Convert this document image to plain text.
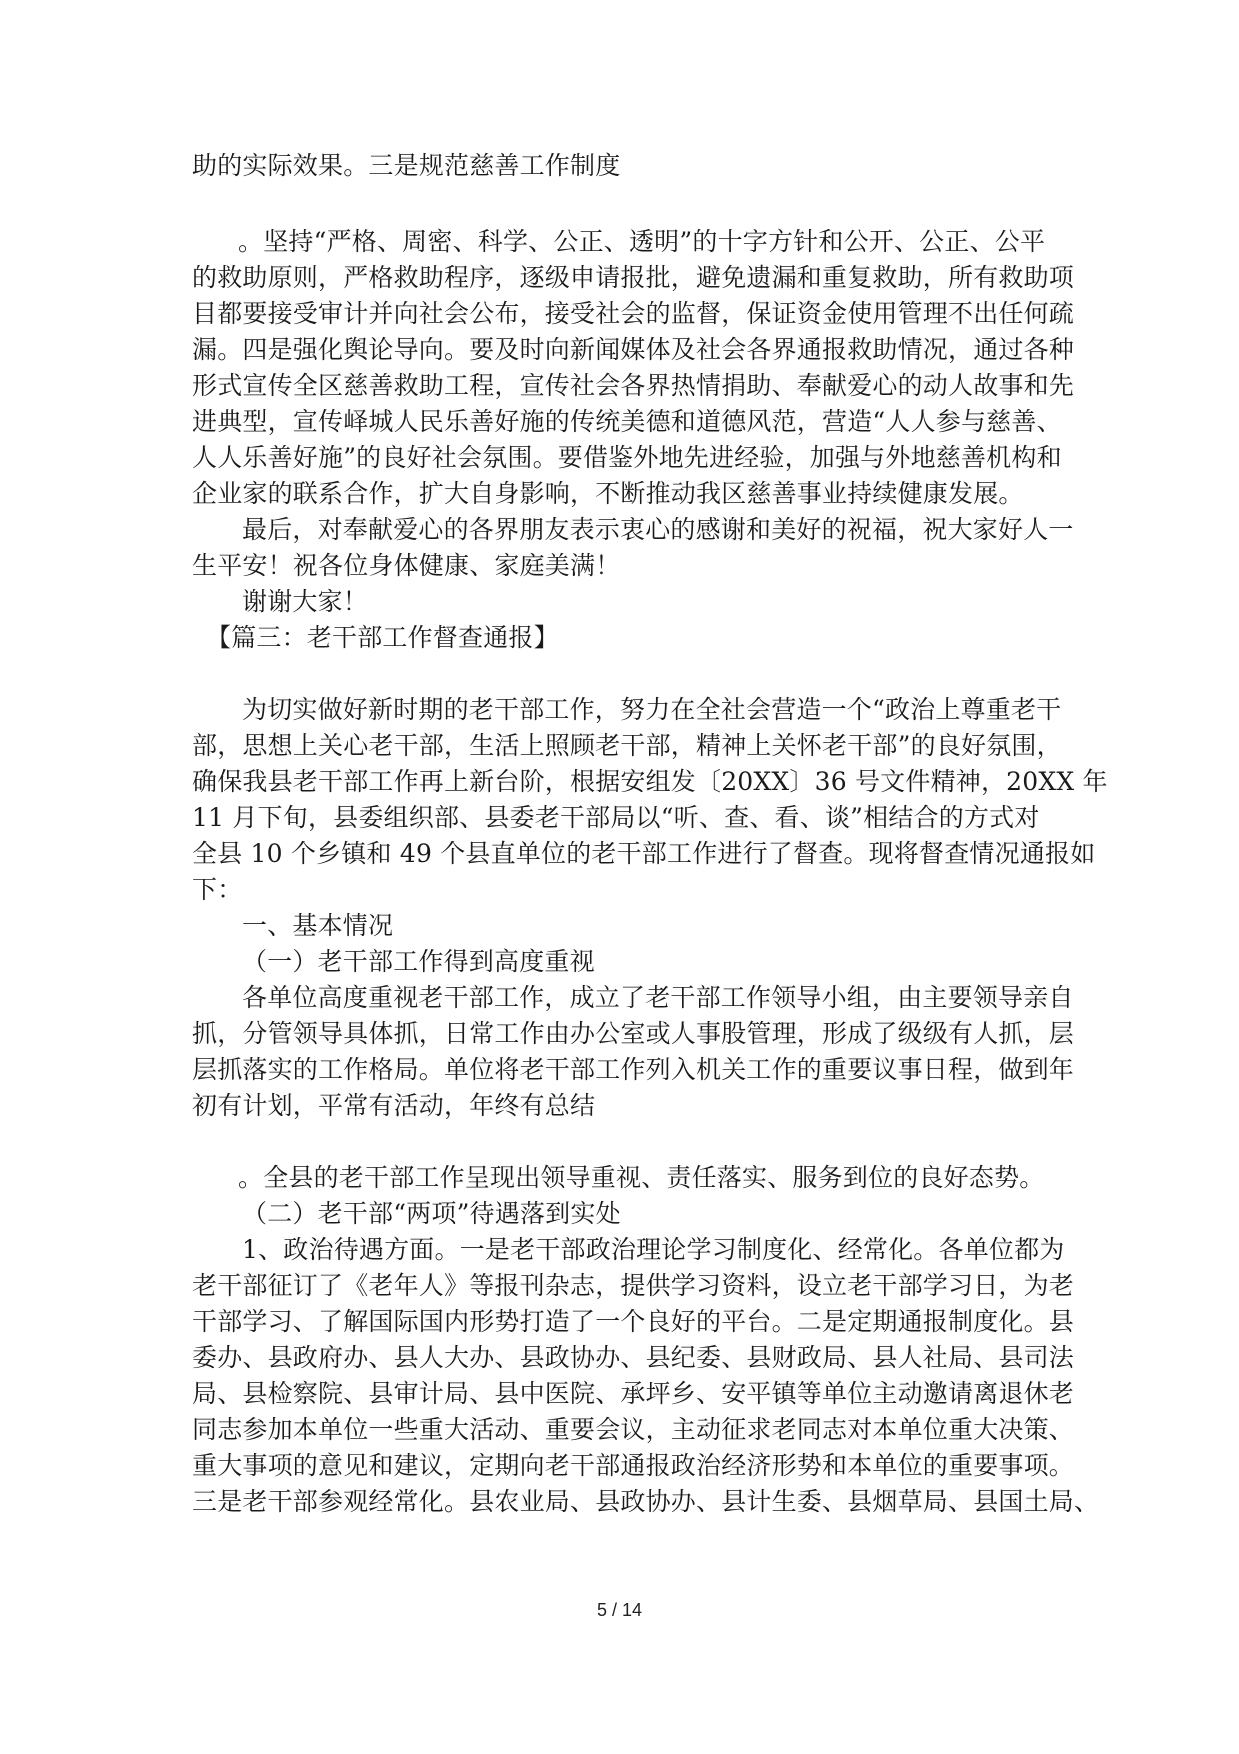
助的实际效果。三是规范慈善工作制度
。坚持“严格、周密、科学、公正、透明”的十字方针和公开、公正、公平
的救助原则，严格救助程序，逐级申请报批，避免遗漏和重复救助，所有救助项
目都要接受审计并向社会公布，接受社会的监督，保证资金使用管理不出任何疏
漏。四是强化舆论导向。要及时向新闻媒体及社会各界通报救助情况，通过各种
形式宣传全区慈善救助工程，宣传社会各界热情捐助、奉献爱心的动人故事和先
进典型，宣传峄城人民乐善好施的传统美德和道德风范，营造“人人参与慈善、
人人乐善好施”的良好社会氛围。要借鉴外地先进经验，加强与外地慈善机构和
企业家的联系合作，扩大自身影响，不断推动我区慈善事业持续健康发展。
最后，对奉献爱心的各界朋友表示衷心的感谢和美好的祝福，祝大家好人一
生平安！祝各位身体健康、家庭美满！
谢谢大家！
【篇三：老干部工作督查通报】
为切实做好新时期的老干部工作，努力在全社会营造一个“政治上尊重老干
部，思想上关心老干部，生活上照顾老干部，精神上关怀老干部”的良好氛围，
确保我县老干部工作再上新台阶，根据安组发〔20XX〕36 号文件精神，20XX 年
11 月下旬，县委组织部、县委老干部局以“听、查、看、谈”相结合的方式对
全县 10 个乡镇和 49 个县直单位的老干部工作进行了督查。现将督查情况通报如
下：
一、基本情况
（一）老干部工作得到高度重视
各单位高度重视老干部工作，成立了老干部工作领导小组，由主要领导亲自
抓，分管领导具体抓，日常工作由办公室或人事股管理，形成了级级有人抓，层
层抓落实的工作格局。单位将老干部工作列入机关工作的重要议事日程，做到年
初有计划，平常有活动，年终有总结
。全县的老干部工作呈现出领导重视、责任落实、服务到位的良好态势。
（二）老干部“两项”待遇落到实处
1、政治待遇方面。一是老干部政治理论学习制度化、经常化。各单位都为
老干部征订了《老年人》等报刊杂志，提供学习资料，设立老干部学习日，为老
干部学习、了解国际国内形势打造了一个良好的平台。二是定期通报制度化。县
委办、县政府办、县人大办、县政协办、县纪委、县财政局、县人社局、县司法
局、县检察院、县审计局、县中医院、承坪乡、安平镇等单位主动邀请离退休老
同志参加本单位一些重大活动、重要会议，主动征求老同志对本单位重大决策、
重大事项的意见和建议，定期向老干部通报政治经济形势和本单位的重要事项。
三是老干部参观经常化。县农业局、县政协办、县计生委、县烟草局、县国土局、
5 / 14
